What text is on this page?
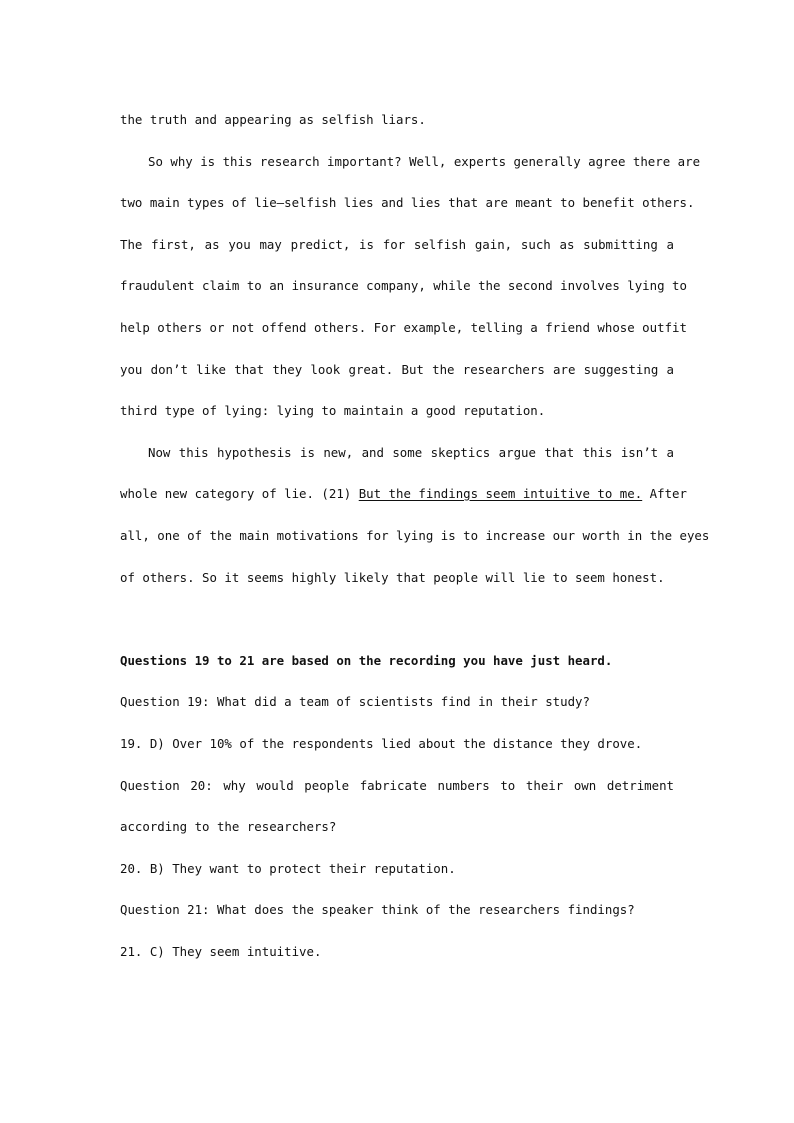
the truth and appearing as selfish liars.
So why is this research important? Well, experts generally agree there are
two main types of lie—selfish lies and lies that are meant to benefit others.
The first, as you may predict, is for selfish gain, such as submitting a
fraudulent claim to an insurance company, while the second involves lying to
help others or not offend others. For example, telling a friend whose outfit
you don’t like that they look great. But the researchers are suggesting a
third type of lying: lying to maintain a good reputation.
Now this hypothesis is new, and some skeptics argue that this isn’t a
whole new category of lie. (21) But the findings seem intuitive to me. After
all, one of the main motivations for lying is to increase our worth in the eyes
of others. So it seems highly likely that people will lie to seem honest.
Questions 19 to 21 are based on the recording you have just heard.
Question 19: What did a team of scientists find in their study?
19. D) Over 10% of the respondents lied about the distance they drove.
Question 20: why would people fabricate numbers to their own detriment
according to the researchers?
20. B) They want to protect their reputation.
Question 21: What does the speaker think of the researchers findings?
21. C) They seem intuitive.
